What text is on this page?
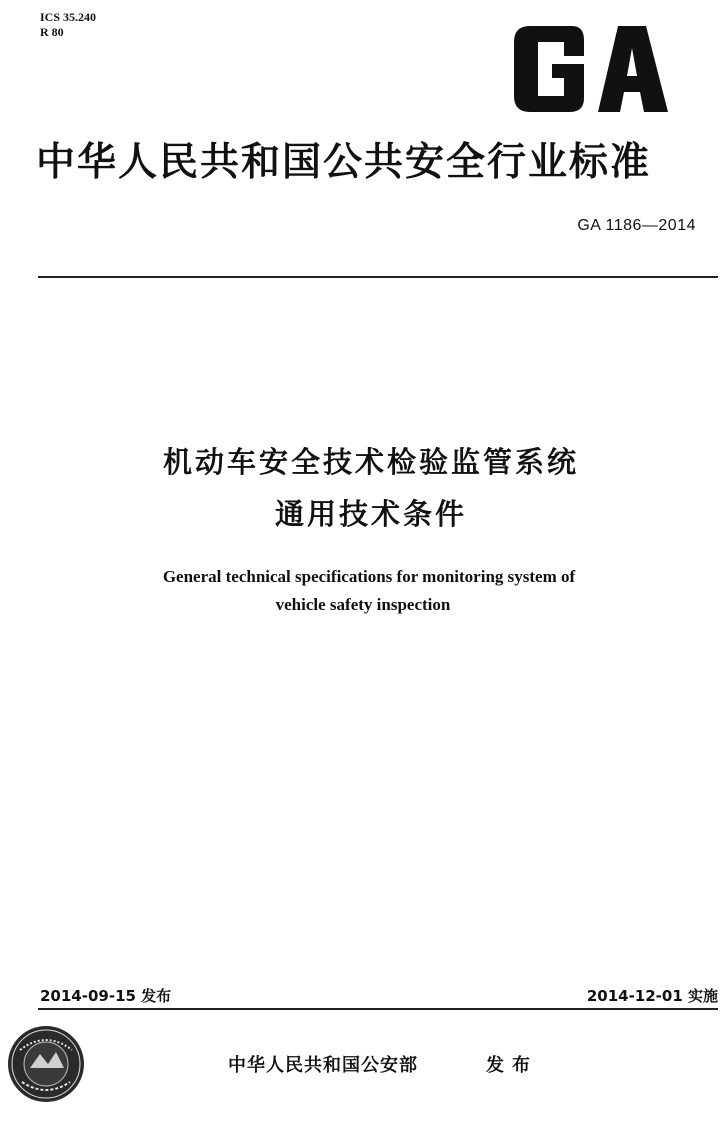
ICS 35.240
R 80
中华人民共和国公共安全行业标准
GA 1186—2014
机动车安全技术检验监管系统
通用技术条件
General technical specifications for monitoring system of
vehicle safety inspection
2014-09-15 发布	2014-12-01 实施
中华人民共和国公安部	发布
